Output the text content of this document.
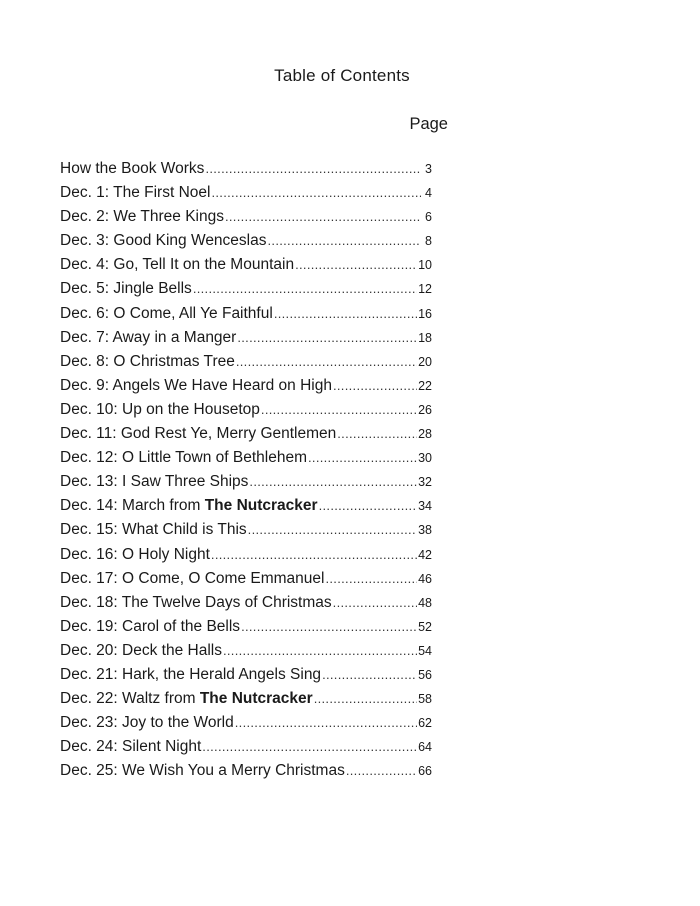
Table of Contents
Page
How the Book Works .....	3
Dec. 1: The First Noel .....	4
Dec. 2: We Three Kings .....	6
Dec. 3: Good King Wenceslas .....	8
Dec. 4: Go, Tell It on the Mountain .....	10
Dec. 5: Jingle Bells .....	12
Dec. 6: O Come, All Ye Faithful .....	16
Dec. 7: Away in a Manger .....	18
Dec. 8: O Christmas Tree .....	20
Dec. 9: Angels We Have Heard on High .....	22
Dec. 10: Up on the Housetop .....	26
Dec. 11: God Rest Ye, Merry Gentlemen .....	28
Dec. 12: O Little Town of Bethlehem .....	30
Dec. 13: I Saw Three Ships .....	32
Dec. 14: March from The Nutcracker .....	34
Dec. 15: What Child is This .....	38
Dec. 16: O Holy Night .....	42
Dec. 17: O Come, O Come Emmanuel .....	46
Dec. 18: The Twelve Days of Christmas .....	48
Dec. 19: Carol of the Bells .....	52
Dec. 20: Deck the Halls .....	54
Dec. 21: Hark, the Herald Angels Sing .....	56
Dec. 22: Waltz from The Nutcracker .....	58
Dec. 23: Joy to the World .....	62
Dec. 24: Silent Night .....	64
Dec. 25: We Wish You a Merry Christmas .....	66
